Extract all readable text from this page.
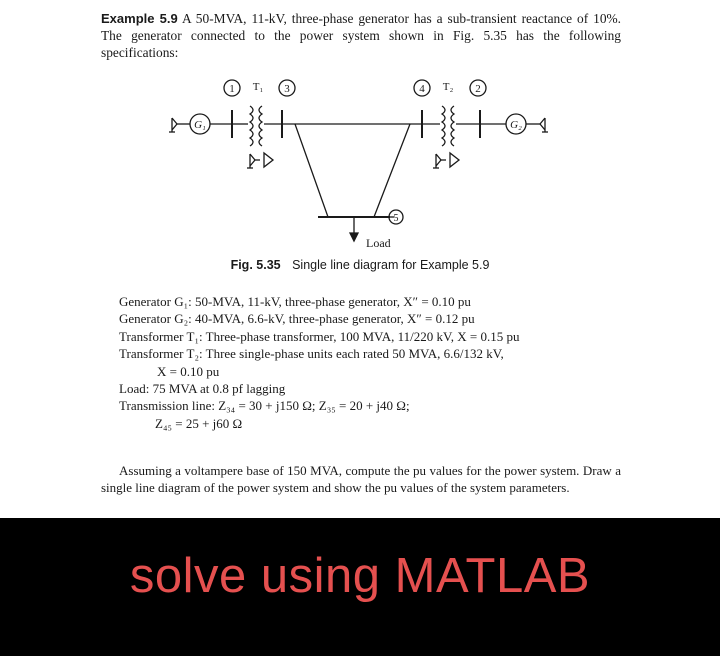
Example 5.9 A 50-MVA, 11-kV, three-phase generator has a sub-transient reactance of 10%. The generator connected to the power system shown in Fig. 5.35 has the following specifications:
G₁
1 T₁ 3
5
Load
4 T₂ 2
G₂
Fig. 5.35 Single line diagram for Example 5.9
Generator G₁: 50-MVA, 11-kV, three-phase generator, X″ = 0.10 pu
Generator G₂: 40-MVA, 6.6-kV, three-phase generator, X″ = 0.12 pu
Transformer T₁: Three-phase transformer, 100 MVA, 11/220 kV, X = 0.15 pu
Transformer T₂: Three single-phase units each rated 50 MVA, 6.6/132 kV,
X = 0.10 pu
Load: 75 MVA at 0.8 pf lagging
Transmission line: Z₃₄ = 30 + j150 Ω; Z₃₅ = 20 + j40 Ω;
Z₄₅ = 25 + j60 Ω
Assuming a voltampere base of 150 MVA, compute the pu values for the power system. Draw a single line diagram of the power system and show the pu values of the system parameters.
solve using MATLAB
